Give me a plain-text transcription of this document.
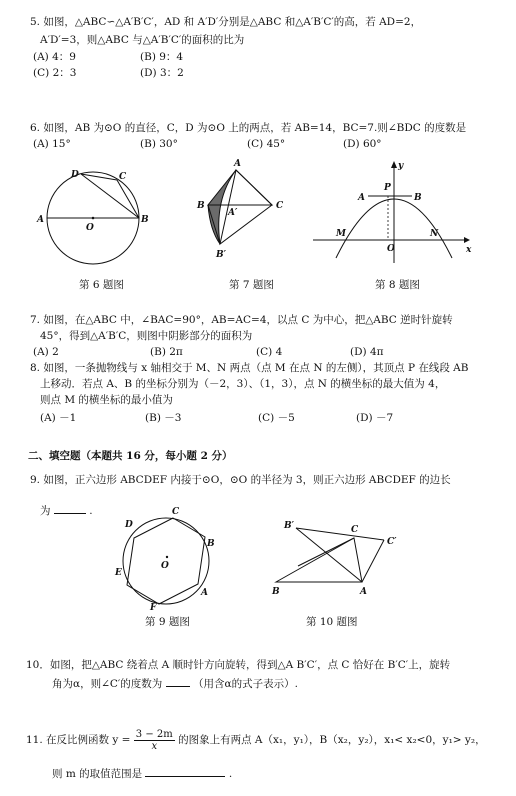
5. 如图，△ABC∽△A′B′C′，AD 和 A′D′分别是△ABC 和△A′B′C′的高，若 AD=2，
A′D′=3，则△ABC 与△A′B′C′的面积的比为
(A) 4：9	(B) 9：4
(C) 2：3	(D) 3：2
6. 如图，AB 为⊙O 的直径，C，D 为⊙O 上的两点，若 AB=14，BC=7.则∠BDC 的度数是
(A) 15°	(B) 30°	(C) 45°	(D) 60°
D	C
A
O
B
第 6 题图
A
B
A′
C
B′
第 7 题图
y
A
P
B
M	N
O	x
第 8 题图
7. 如图，在△ABC 中，∠BAC=90°，AB=AC=4，以点 C 为中心，把△ABC 逆时针旋转
45°，得到△A′B′C，则图中阴影部分的面积为
(A) 2	(B) 2π	(C) 4	(D) 4π
8. 如图，一条抛物线与 x 轴相交于 M、N 两点（点 M 在点 N 的左侧），其顶点 P 在线段 AB
上移动．若点 A、B 的坐标分别为（－2，3）、（1，3），点 N 的横坐标的最大值为 4，
则点 M 的横坐标的最小值为
(A) －1	(B) －3	(C) －5	(D) －7
二、填空题（本题共 16 分，每小题 2 分）
9. 如图，正六边形 ABCDEF 内接于⊙O，⊙O 的半径为 3，则正六边形 ABCDEF 的边长
为	.	C
D
B
O
E
A
F
第 9 题图
B′	C
C′
B	A
第 10 题图
10．如图，把△ABC 绕着点 A 顺时针方向旋转，得到△A B′C′，点 C 恰好在 B′C′上，旋转
角为α，则∠C′的度数为	（用含α的式子表示）.
11. 在反比例函数 $y = \frac{3 - 2m}{x}$ 的图象上有两点 A（x₁，y₁），B（x₂，y₂），x₁< x₂<0，y₁> y₂，
则 m 的取值范围是	.
